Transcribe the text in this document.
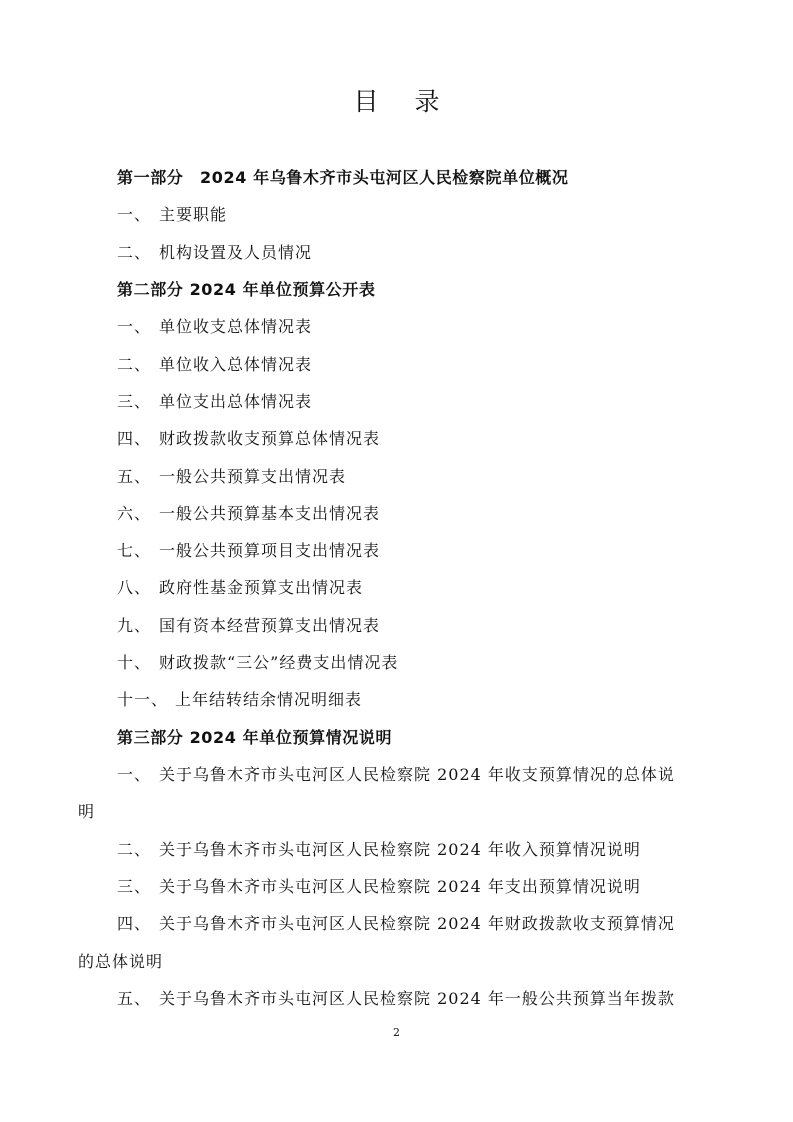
目 录
第一部分　2024 年乌鲁木齐市头屯河区人民检察院单位概况
一、 主要职能
二、 机构设置及人员情况
第二部分 2024 年单位预算公开表
一、 单位收支总体情况表
二、 单位收入总体情况表
三、 单位支出总体情况表
四、 财政拨款收支预算总体情况表
五、 一般公共预算支出情况表
六、 一般公共预算基本支出情况表
七、 一般公共预算项目支出情况表
八、 政府性基金预算支出情况表
九、 国有资本经营预算支出情况表
十、 财政拨款“三公”经费支出情况表
十一、 上年结转结余情况明细表
第三部分 2024 年单位预算情况说明
一、 关于乌鲁木齐市头屯河区人民检察院 2024 年收支预算情况的总体说
明
二、 关于乌鲁木齐市头屯河区人民检察院 2024 年收入预算情况说明
三、 关于乌鲁木齐市头屯河区人民检察院 2024 年支出预算情况说明
四、 关于乌鲁木齐市头屯河区人民检察院 2024 年财政拨款收支预算情况
的总体说明
五、 关于乌鲁木齐市头屯河区人民检察院 2024 年一般公共预算当年拨款
2
